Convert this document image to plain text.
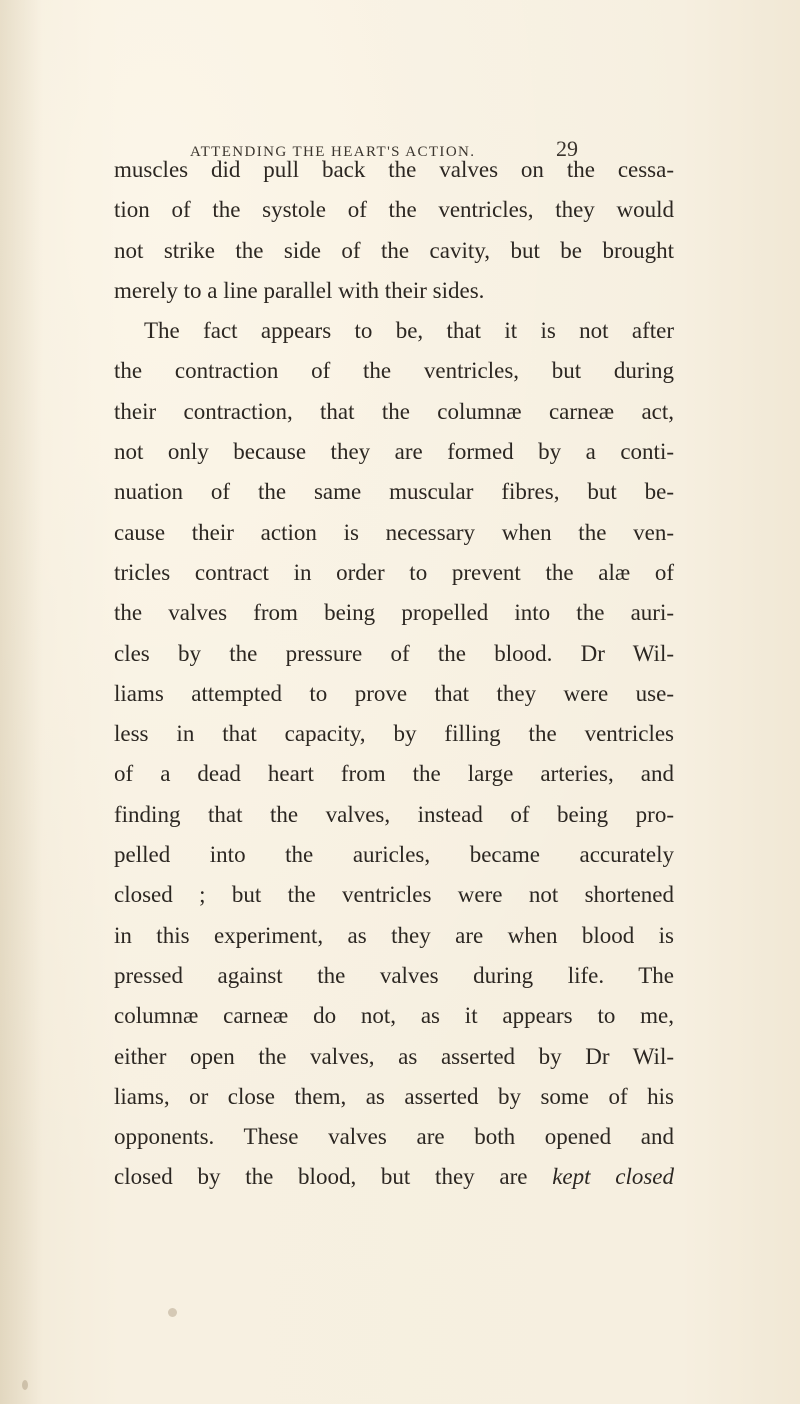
ATTENDING THE HEART'S ACTION.	29
muscles did pull back the valves on the cessa-
tion of the systole of the ventricles, they would
not strike the side of the cavity, but be brought
merely to a line parallel with their sides.
The fact appears to be, that it is not after
the contraction of the ventricles, but during
their contraction, that the columnæ carneæ act,
not only because they are formed by a conti-
nuation of the same muscular fibres, but be-
cause their action is necessary when the ven-
tricles contract in order to prevent the alæ of
the valves from being propelled into the auri-
cles by the pressure of the blood. Dr Wil-
liams attempted to prove that they were use-
less in that capacity, by filling the ventricles
of a dead heart from the large arteries, and
finding that the valves, instead of being pro-
pelled into the auricles, became accurately
closed ; but the ventricles were not shortened
in this experiment, as they are when blood is
pressed against the valves during life. The
columnæ carneæ do not, as it appears to me,
either open the valves, as asserted by Dr Wil-
liams, or close them, as asserted by some of his
opponents. These valves are both opened and
closed by the blood, but they are kept closed
